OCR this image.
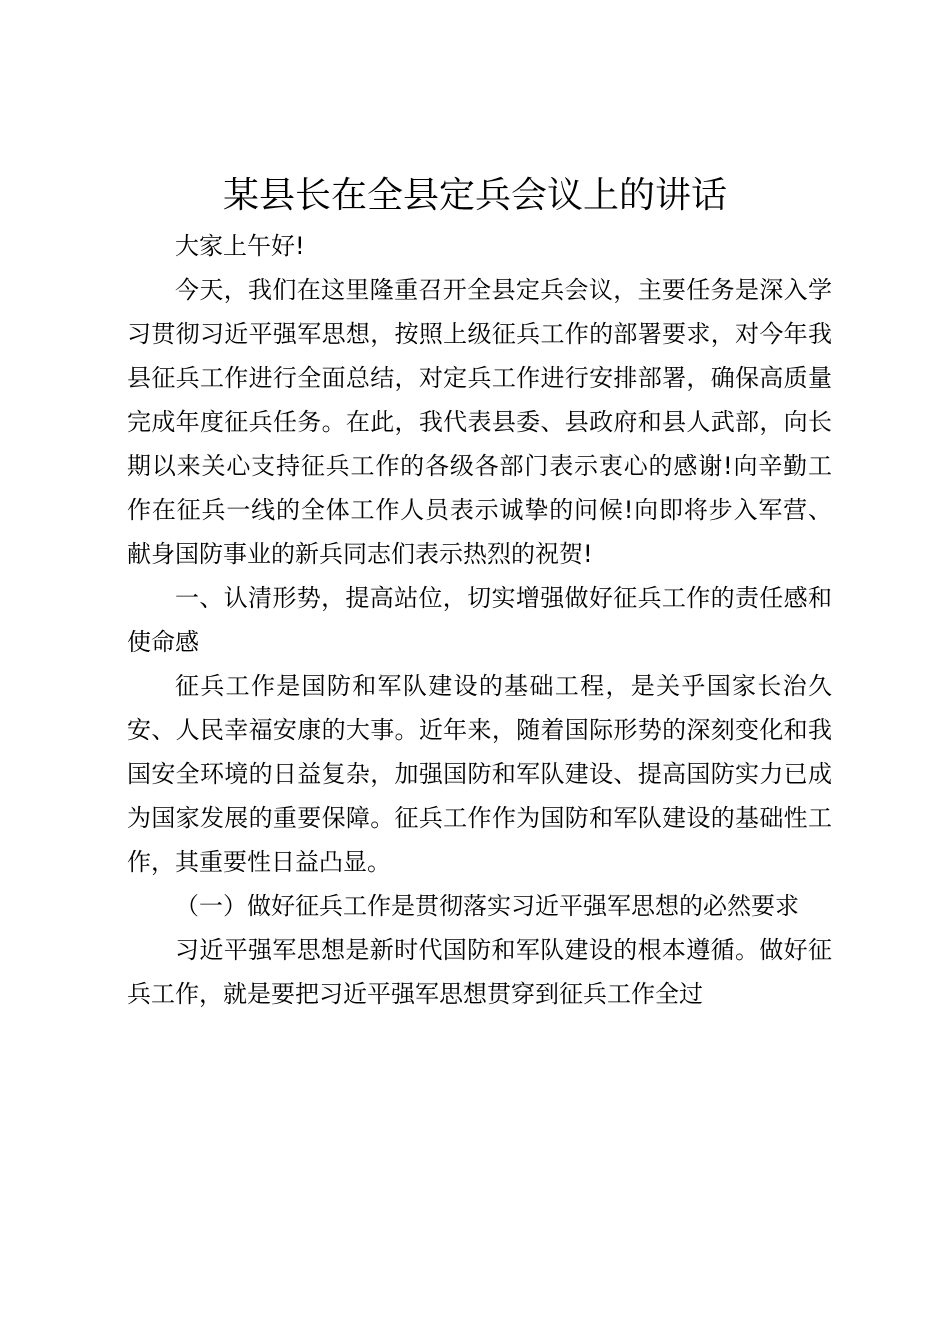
某县长在全县定兵会议上的讲话

大家上午好!

今天，我们在这里隆重召开全县定兵会议，主要任务是深入学习贯彻习近平强军思想，按照上级征兵工作的部署要求，对今年我县征兵工作进行全面总结，对定兵工作进行安排部署，确保高质量完成年度征兵任务。在此，我代表县委、县政府和县人武部，向长期以来关心支持征兵工作的各级各部门表示衷心的感谢!向辛勤工作在征兵一线的全体工作人员表示诚挚的问候!向即将步入军营、献身国防事业的新兵同志们表示热烈的祝贺!

一、认清形势，提高站位，切实增强做好征兵工作的责任感和使命感

征兵工作是国防和军队建设的基础工程，是关乎国家长治久安、人民幸福安康的大事。近年来，随着国际形势的深刻变化和我国安全环境的日益复杂，加强国防和军队建设、提高国防实力已成为国家发展的重要保障。征兵工作作为国防和军队建设的基础性工作，其重要性日益凸显。

（一）做好征兵工作是贯彻落实习近平强军思想的必然要求

习近平强军思想是新时代国防和军队建设的根本遵循。做好征兵工作，就是要把习近平强军思想贯穿到征兵工作全过
